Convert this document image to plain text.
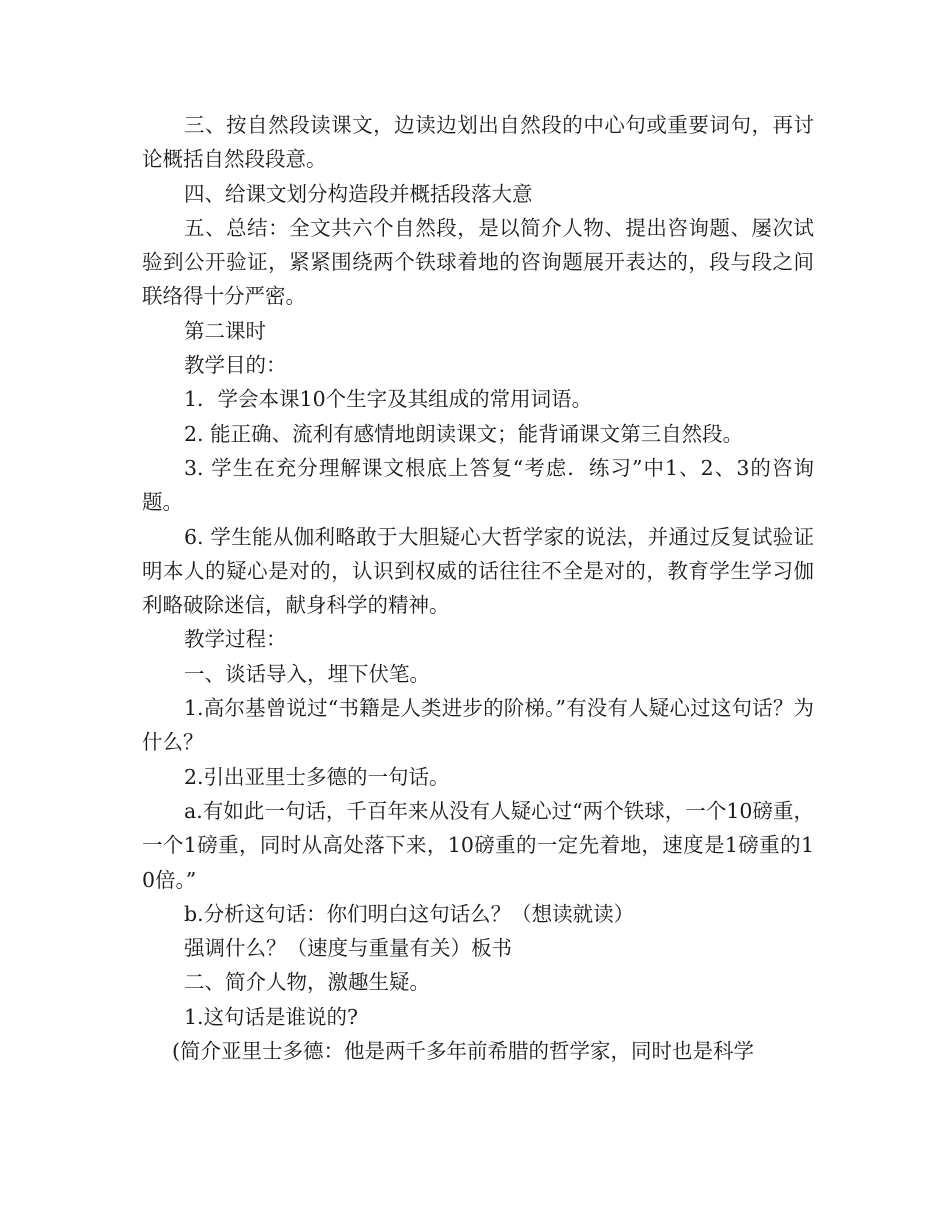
三、按自然段读课文，边读边划出自然段的中心句或重要词句，再讨论概括自然段段意。

四、给课文划分构造段并概括段落大意

五、总结：全文共六个自然段，是以简介人物、提出咨询题、屡次试验到公开验证，紧紧围绕两个铁球着地的咨询题展开表达的，段与段之间联络得十分严密。

第二课时

教学目的：

1．学会本课10个生字及其组成的常用词语。

2. 能正确、流利有感情地朗读课文；能背诵课文第三自然段。

3. 学生在充分理解课文根底上答复“考虑．练习”中1、2、3的咨询题。

6. 学生能从伽利略敢于大胆疑心大哲学家的说法，并通过反复试验证明本人的疑心是对的，认识到权威的话往往不全是对的，教育学生学习伽利略破除迷信，献身科学的精神。

教学过程：

一、谈话导入，埋下伏笔。

1.高尔基曾说过“书籍是人类进步的阶梯。”有没有人疑心过这句话？为什么？

2.引出亚里士多德的一句话。

a.有如此一句话，千百年来从没有人疑心过“两个铁球，一个10磅重，一个1磅重，同时从高处落下来，10磅重的一定先着地，速度是1磅重的10倍。”

b.分析这句话：你们明白这句话么？（想读就读）

强调什么？（速度与重量有关）板书

二、简介人物，激趣生疑。

1.这句话是谁说的?

(简介亚里士多德：他是两千多年前希腊的哲学家，同时也是科学
